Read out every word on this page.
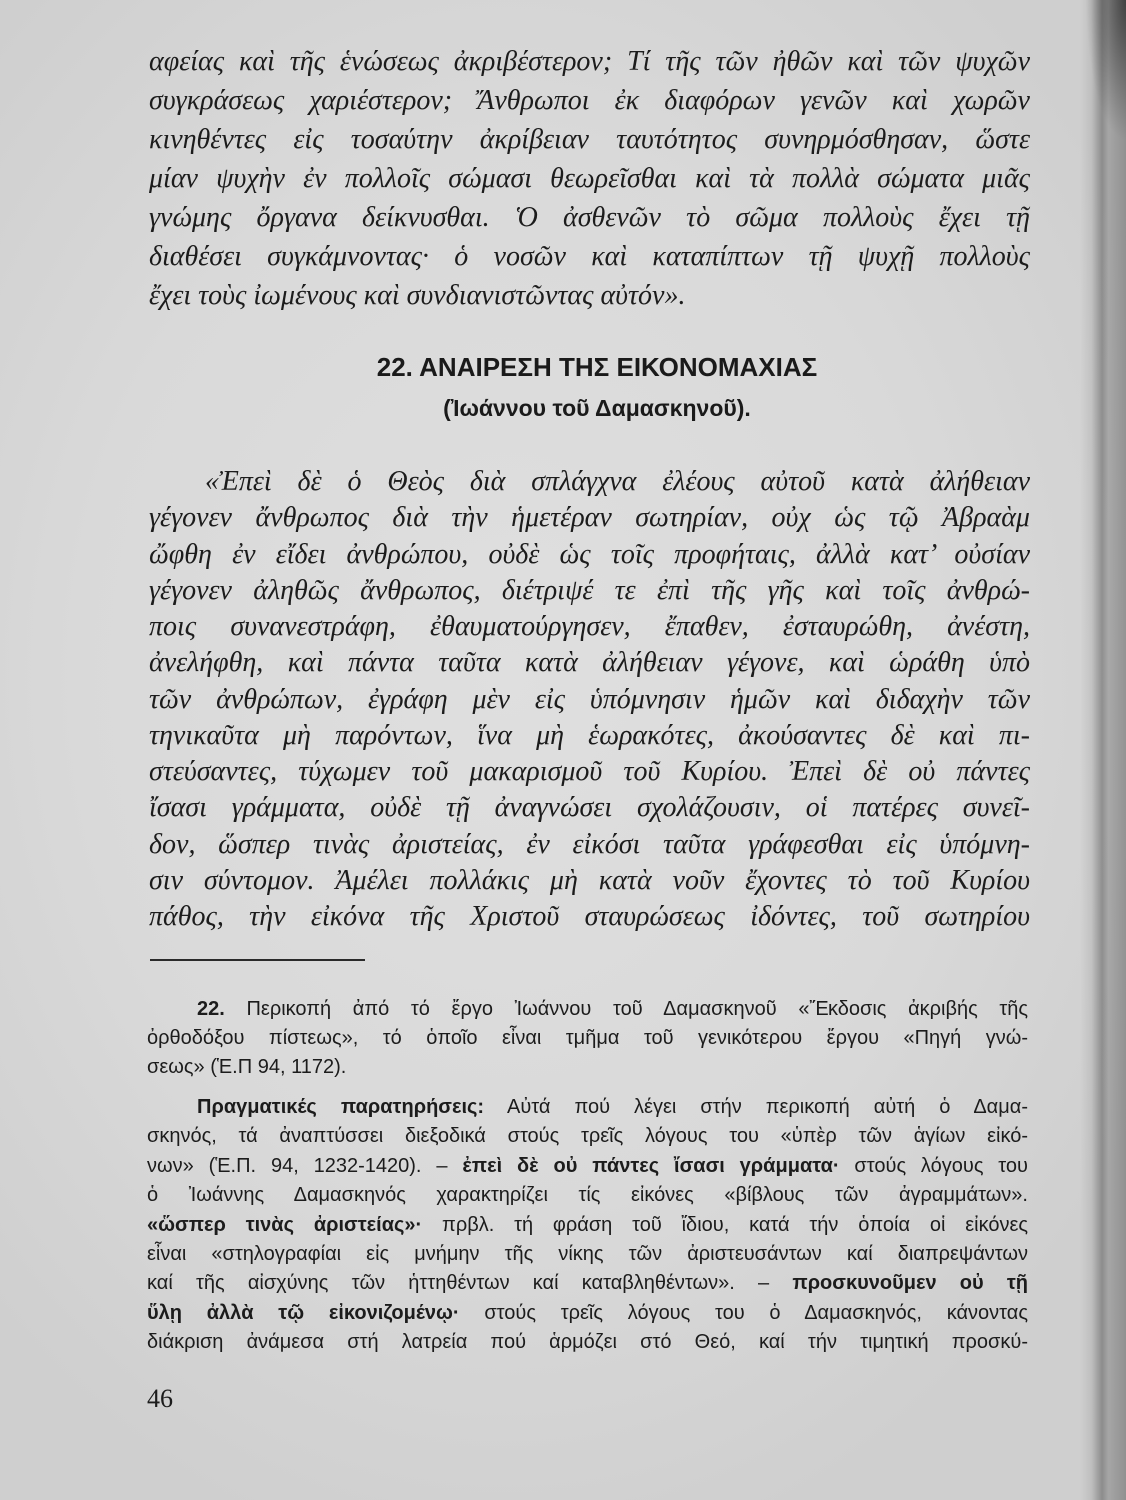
αφείας καὶ τῆς ἑνώσεως ἀκριβέστερον; Τί τῆς τῶν ἠθῶν καὶ τῶν ψυχῶν
συγκράσεως χαριέστερον; Ἄνθρωποι ἐκ διαφόρων γενῶν καὶ χωρῶν
κινηθέντες εἰς τοσαύτην ἀκρίβειαν ταυτότητος συνηρμόσθησαν, ὥστε
μίαν ψυχὴν ἐν πολλοῖς σώμασι θεωρεῖσθαι καὶ τὰ πολλὰ σώματα μιᾶς
γνώμης ὄργανα δείκνυσθαι. Ὁ ἀσθενῶν τὸ σῶμα πολλοὺς ἔχει τῇ
διαθέσει συγκάμνοντας· ὁ νοσῶν καὶ καταπίπτων τῇ ψυχῇ πολλοὺς
ἔχει τοὺς ἰωμένους καὶ συνδιανιστῶντας αὐτόν».
22. ΑΝΑΙΡΕΣΗ ΤΗΣ ΕΙΚΟΝΟΜΑΧΙΑΣ
(Ἰωάννου τοῦ Δαμασκηνοῦ).
«Ἐπεὶ δὲ ὁ Θεὸς διὰ σπλάγχνα ἐλέους αὐτοῦ κατὰ ἀλήθειαν
γέγονεν ἄνθρωπος διὰ τὴν ἡμετέραν σωτηρίαν, οὐχ ὡς τῷ Ἀβραὰμ
ὤφθη ἐν εἴδει ἀνθρώπου, οὐδὲ ὡς τοῖς προφήταις, ἀλλὰ κατ’ οὐσίαν
γέγονεν ἀληθῶς ἄνθρωπος, διέτριψέ τε ἐπὶ τῆς γῆς καὶ τοῖς ἀνθρώ-
ποις συνανεστράφη, ἐθαυματούργησεν, ἔπαθεν, ἐσταυρώθη, ἀνέστη,
ἀνελήφθη, καὶ πάντα ταῦτα κατὰ ἀλήθειαν γέγονε, καὶ ὡράθη ὑπὸ
τῶν ἀνθρώπων, ἐγράφη μὲν εἰς ὑπόμνησιν ἡμῶν καὶ διδαχὴν τῶν
τηνικαῦτα μὴ παρόντων, ἵνα μὴ ἑωρακότες, ἀκούσαντες δὲ καὶ πι-
στεύσαντες, τύχωμεν τοῦ μακαρισμοῦ τοῦ Κυρίου. Ἐπεὶ δὲ οὐ πάντες
ἴσασι γράμματα, οὐδὲ τῇ ἀναγνώσει σχολάζουσιν, οἱ πατέρες συνεῖ-
δον, ὥσπερ τινὰς ἀριστείας, ἐν εἰκόσι ταῦτα γράφεσθαι εἰς ὑπόμνη-
σιν σύντομον. Ἀμέλει πολλάκις μὴ κατὰ νοῦν ἔχοντες τὸ τοῦ Κυρίου
πάθος, τὴν εἰκόνα τῆς Χριστοῦ σταυρώσεως ἰδόντες, τοῦ σωτηρίου
22. Περικοπή ἀπό τό ἔργο Ἰωάννου τοῦ Δαμασκηνοῦ «Ἔκδοσις ἀκριβής τῆς
ὀρθοδόξου πίστεως», τό ὁποῖο εἶναι τμῆμα τοῦ γενικότερου ἔργου «Πηγή γνώ-
σεως» (Ἑ.Π 94, 1172).
Πραγματικές παρατηρήσεις: Αὐτά πού λέγει στήν περικοπή αὐτή ὁ Δαμα-
σκηνός, τά ἀναπτύσσει διεξοδικά στούς τρεῖς λόγους του «ὑπὲρ τῶν ἁγίων εἰκό-
νων» (Ἑ.Π. 94, 1232-1420). – ἐπεὶ δὲ οὐ πάντες ἴσασι γράμματα· στούς λόγους του
ὁ Ἰωάννης Δαμασκηνός χαρακτηρίζει τίς εἰκόνες «βίβλους τῶν ἀγραμμάτων».
«ὥσπερ τινὰς ἀριστείας»· πρβλ. τή φράση τοῦ ἴδιου, κατά τήν ὁποία οἱ εἰκόνες
εἶναι «στηλογραφίαι εἰς μνήμην τῆς νίκης τῶν ἀριστευσάντων καί διαπρεψάντων
καί τῆς αἰσχύνης τῶν ἡττηθέντων καί καταβληθέντων». – προσκυνοῦμεν οὐ τῇ
ὕλῃ ἀλλὰ τῷ εἰκονιζομένῳ· στούς τρεῖς λόγους του ὁ Δαμασκηνός, κάνοντας
διάκριση ἀνάμεσα στή λατρεία πού ἁρμόζει στό Θεό, καί τήν τιμητική προσκύ-
46
